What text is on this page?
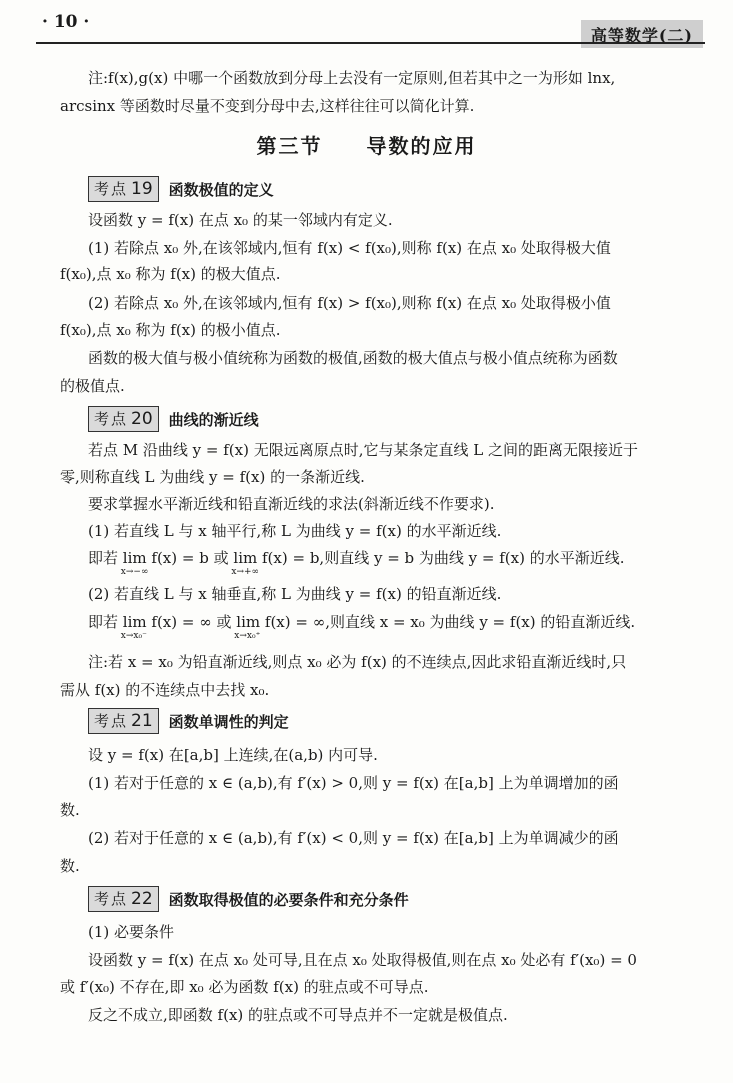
· 10 ·
高等数学(二)
注:f(x),g(x) 中哪一个函数放到分母上去没有一定原则,但若其中之一为形如 lnx,
arcsinx 等函数时尽量不变到分母中去,这样往往可以简化计算.
第三节　　导数的应用
考点 19 函数极值的定义
设函数 y = f(x) 在点 x₀ 的某一邻域内有定义.
(1) 若除点 x₀ 外,在该邻域内,恒有 f(x) < f(x₀),则称 f(x) 在点 x₀ 处取得极大值
f(x₀),点 x₀ 称为 f(x) 的极大值点.
(2) 若除点 x₀ 外,在该邻域内,恒有 f(x) > f(x₀),则称 f(x) 在点 x₀ 处取得极小值
f(x₀),点 x₀ 称为 f(x) 的极小值点.
函数的极大值与极小值统称为函数的极值,函数的极大值点与极小值点统称为函数
的极值点.
考点 20 曲线的渐近线
若点 M 沿曲线 y = f(x) 无限远离原点时,它与某条定直线 L 之间的距离无限接近于
零,则称直线 L 为曲线 y = f(x) 的一条渐近线.
要求掌握水平渐近线和铅直渐近线的求法(斜渐近线不作要求).
(1) 若直线 L 与 x 轴平行,称 L 为曲线 y = f(x) 的水平渐近线.
即若 lim
x→−∞
f(x) = b 或 lim
x→+∞
f(x) = b,则直线 y = b 为曲线 y = f(x) 的水平渐近线.
(2) 若直线 L 与 x 轴垂直,称 L 为曲线 y = f(x) 的铅直渐近线.
即若 lim
x→x₀⁻
f(x) = ∞ 或 lim
x→x₀⁺
f(x) = ∞,则直线 x = x₀ 为曲线 y = f(x) 的铅直渐近线.
注:若 x = x₀ 为铅直渐近线,则点 x₀ 必为 f(x) 的不连续点,因此求铅直渐近线时,只
需从 f(x) 的不连续点中去找 x₀.
考点 21 函数单调性的判定
设 y = f(x) 在[a,b] 上连续,在(a,b) 内可导.
(1) 若对于任意的 x ∈ (a,b),有 f′(x) > 0,则 y = f(x) 在[a,b] 上为单调增加的函
数.
(2) 若对于任意的 x ∈ (a,b),有 f′(x) < 0,则 y = f(x) 在[a,b] 上为单调减少的函
数.
考点 22 函数取得极值的必要条件和充分条件
(1) 必要条件
设函数 y = f(x) 在点 x₀ 处可导,且在点 x₀ 处取得极值,则在点 x₀ 处必有 f′(x₀) = 0
或 f′(x₀) 不存在,即 x₀ 必为函数 f(x) 的驻点或不可导点.
反之不成立,即函数 f(x) 的驻点或不可导点并不一定就是极值点.
